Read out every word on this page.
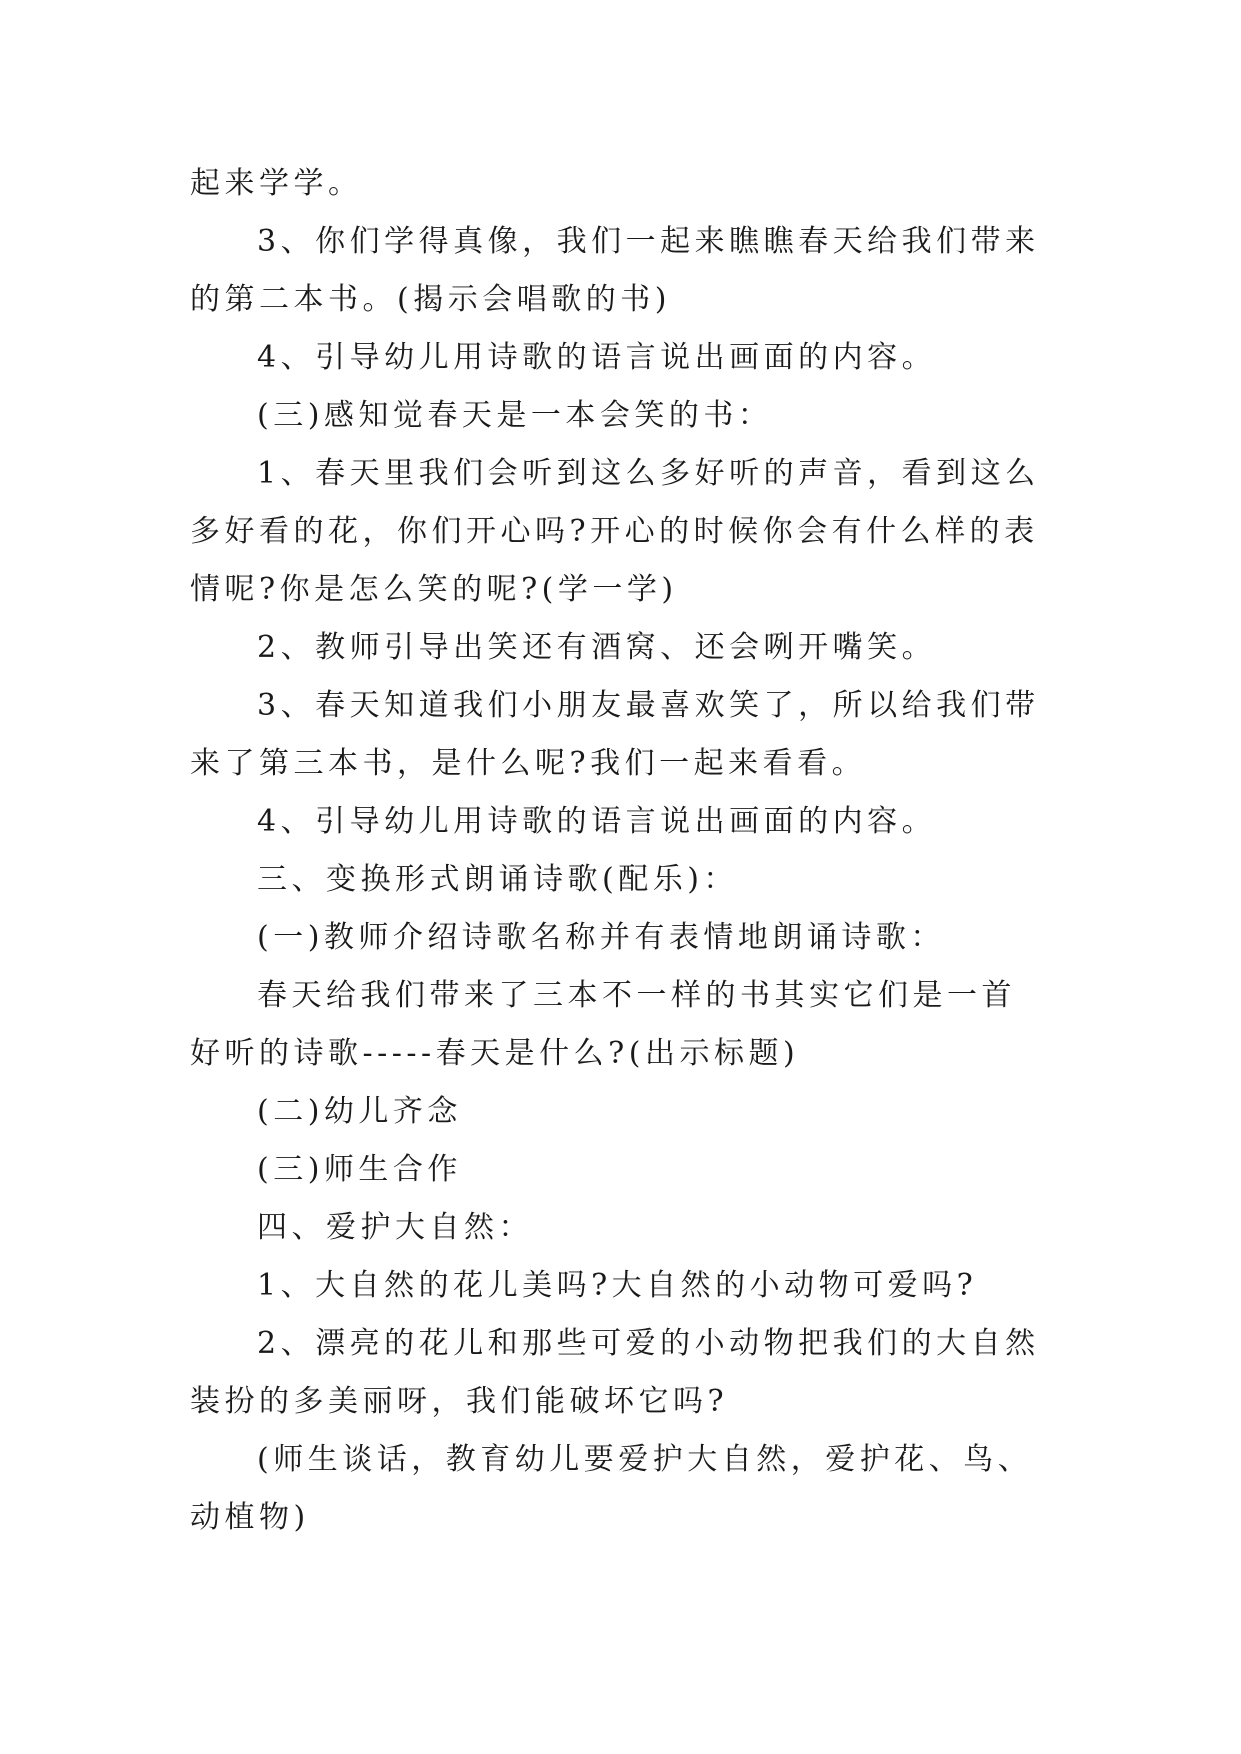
起来学学。

3、你们学得真像，我们一起来瞧瞧春天给我们带来的第二本书。(揭示会唱歌的书)

4、引导幼儿用诗歌的语言说出画面的内容。

(三)感知觉春天是一本会笑的书：

1、春天里我们会听到这么多好听的声音，看到这么多好看的花，你们开心吗?开心的时候你会有什么样的表情呢?你是怎么笑的呢?(学一学)

2、教师引导出笑还有酒窝、还会咧开嘴笑。

3、春天知道我们小朋友最喜欢笑了，所以给我们带来了第三本书，是什么呢?我们一起来看看。

4、引导幼儿用诗歌的语言说出画面的内容。

三、变换形式朗诵诗歌(配乐)：

(一)教师介绍诗歌名称并有表情地朗诵诗歌：

春天给我们带来了三本不一样的书其实它们是一首好听的诗歌-----春天是什么?(出示标题)

(二)幼儿齐念

(三)师生合作

四、爱护大自然：

1、大自然的花儿美吗?大自然的小动物可爱吗?

2、漂亮的花儿和那些可爱的小动物把我们的大自然装扮的多美丽呀，我们能破坏它吗?

(师生谈话，教育幼儿要爱护大自然，爱护花、鸟、动植物)
